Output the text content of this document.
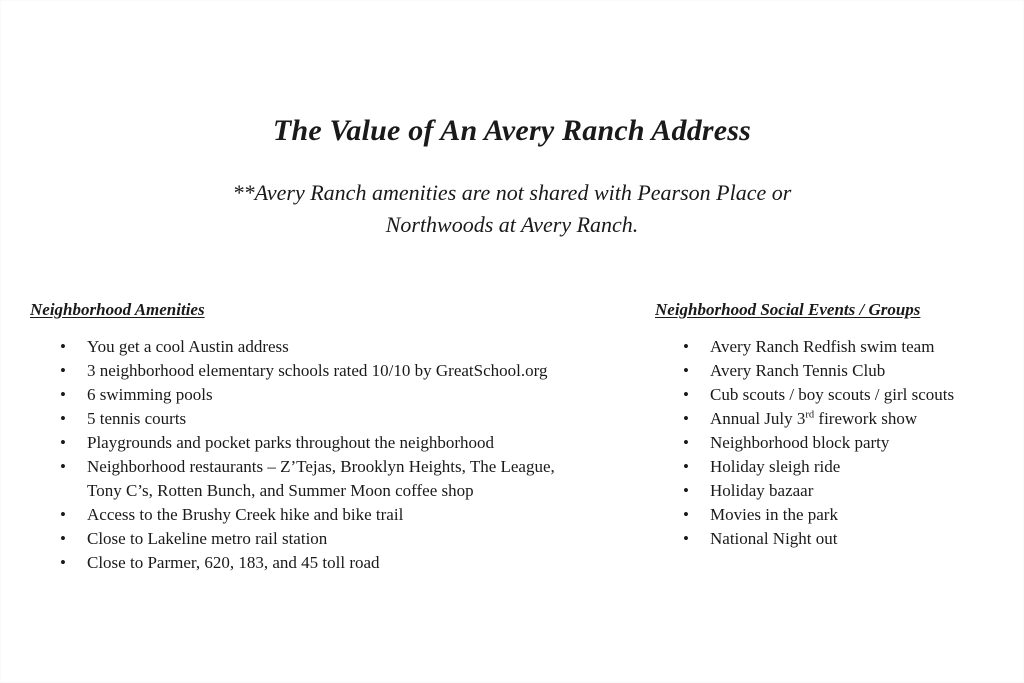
The Value of An Avery Ranch Address
**Avery Ranch amenities are not shared with Pearson Place or
Northwoods at Avery Ranch.
Neighborhood Amenities
• You get a cool Austin address
• 3 neighborhood elementary schools rated 10/10 by GreatSchool.org
• 6 swimming pools
• 5 tennis courts
• Playgrounds and pocket parks throughout the neighborhood
• Neighborhood restaurants – Z’Tejas, Brooklyn Heights, The League,
Tony C’s, Rotten Bunch, and Summer Moon coffee shop
• Access to the Brushy Creek hike and bike trail
• Close to Lakeline metro rail station
• Close to Parmer, 620, 183, and 45 toll road
Neighborhood Social Events / Groups
• Avery Ranch Redfish swim team
• Avery Ranch Tennis Club
• Cub scouts / boy scouts / girl scouts
• Annual July 3rd firework show
• Neighborhood block party
• Holiday sleigh ride
• Holiday bazaar
• Movies in the park
• National Night out
